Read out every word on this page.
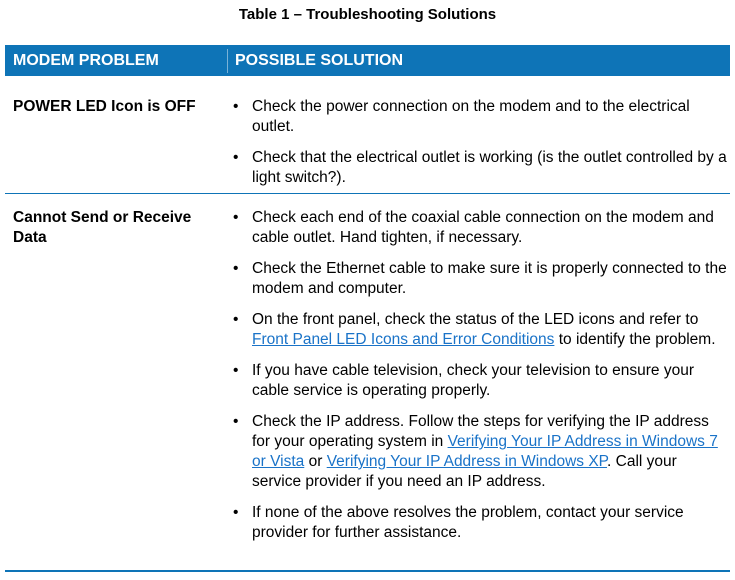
Table 1 – Troubleshooting Solutions
MODEM PROBLEM	POSSIBLE SOLUTION
POWER LED Icon is OFF	• Check the power connection on the modem and to the electrical outlet.
• Check that the electrical outlet is working (is the outlet controlled by a light switch?).
Cannot Send or Receive Data
• Check each end of the coaxial cable connection on the modem and cable outlet. Hand tighten, if necessary.
• Check the Ethernet cable to make sure it is properly connected to the modem and computer.
• On the front panel, check the status of the LED icons and refer to Front Panel LED Icons and Error Conditions to identify the problem.
• If you have cable television, check your television to ensure your cable service is operating properly.
• Check the IP address. Follow the steps for verifying the IP address for your operating system in Verifying Your IP Address in Windows 7 or Vista or Verifying Your IP Address in Windows XP. Call your service provider if you need an IP address.
• If none of the above resolves the problem, contact your service provider for further assistance.
